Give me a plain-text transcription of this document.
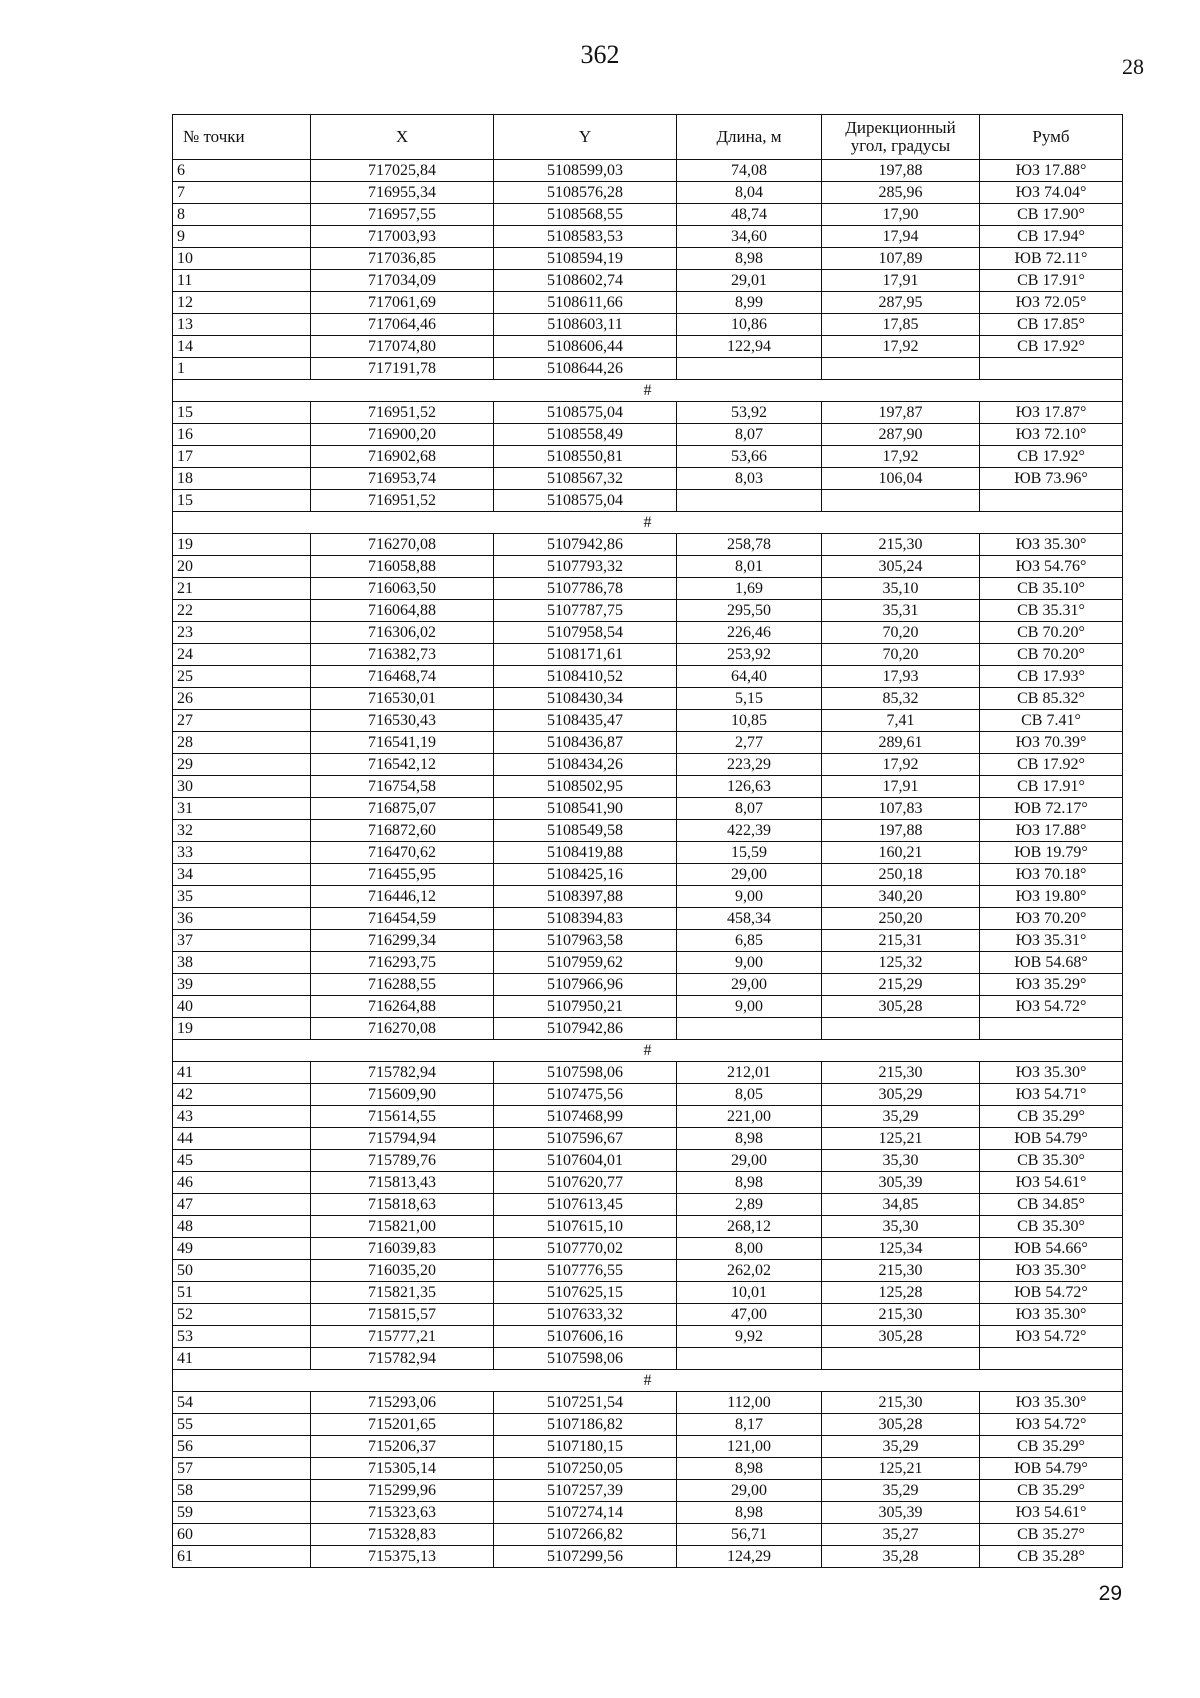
362	28
№ точки	X	Y	Длина, м	Дирекционный угол, градусы	Румб
6	717025,84	5108599,03	74,08	197,88	ЮЗ 17.88°
7	716955,34	5108576,28	8,04	285,96	ЮЗ 74.04°
8	716957,55	5108568,55	48,74	17,90	СВ 17.90°
9	717003,93	5108583,53	34,60	17,94	СВ 17.94°
10	717036,85	5108594,19	8,98	107,89	ЮВ 72.11°
11	717034,09	5108602,74	29,01	17,91	СВ 17.91°
12	717061,69	5108611,66	8,99	287,95	ЮЗ 72.05°
13	717064,46	5108603,11	10,86	17,85	СВ 17.85°
14	717074,80	5108606,44	122,94	17,92	СВ 17.92°
1	717191,78	5108644,26			
#					
15	716951,52	5108575,04	53,92	197,87	ЮЗ 17.87°
16	716900,20	5108558,49	8,07	287,90	ЮЗ 72.10°
17	716902,68	5108550,81	53,66	17,92	СВ 17.92°
18	716953,74	5108567,32	8,03	106,04	ЮВ 73.96°
15	716951,52	5108575,04			
#					
19	716270,08	5107942,86	258,78	215,30	ЮЗ 35.30°
20	716058,88	5107793,32	8,01	305,24	ЮЗ 54.76°
21	716063,50	5107786,78	1,69	35,10	СВ 35.10°
22	716064,88	5107787,75	295,50	35,31	СВ 35.31°
23	716306,02	5107958,54	226,46	70,20	СВ 70.20°
24	716382,73	5108171,61	253,92	70,20	СВ 70.20°
25	716468,74	5108410,52	64,40	17,93	СВ 17.93°
26	716530,01	5108430,34	5,15	85,32	СВ 85.32°
27	716530,43	5108435,47	10,85	7,41	СВ 7.41°
28	716541,19	5108436,87	2,77	289,61	ЮЗ 70.39°
29	716542,12	5108434,26	223,29	17,92	СВ 17.92°
30	716754,58	5108502,95	126,63	17,91	СВ 17.91°
31	716875,07	5108541,90	8,07	107,83	ЮВ 72.17°
32	716872,60	5108549,58	422,39	197,88	ЮЗ 17.88°
33	716470,62	5108419,88	15,59	160,21	ЮВ 19.79°
34	716455,95	5108425,16	29,00	250,18	ЮЗ 70.18°
35	716446,12	5108397,88	9,00	340,20	ЮЗ 19.80°
36	716454,59	5108394,83	458,34	250,20	ЮЗ 70.20°
37	716299,34	5107963,58	6,85	215,31	ЮЗ 35.31°
38	716293,75	5107959,62	9,00	125,32	ЮВ 54.68°
39	716288,55	5107966,96	29,00	215,29	ЮЗ 35.29°
40	716264,88	5107950,21	9,00	305,28	ЮЗ 54.72°
19	716270,08	5107942,86			
#					
41	715782,94	5107598,06	212,01	215,30	ЮЗ 35.30°
42	715609,90	5107475,56	8,05	305,29	ЮЗ 54.71°
43	715614,55	5107468,99	221,00	35,29	СВ 35.29°
44	715794,94	5107596,67	8,98	125,21	ЮВ 54.79°
45	715789,76	5107604,01	29,00	35,30	СВ 35.30°
46	715813,43	5107620,77	8,98	305,39	ЮЗ 54.61°
47	715818,63	5107613,45	2,89	34,85	СВ 34.85°
48	715821,00	5107615,10	268,12	35,30	СВ 35.30°
49	716039,83	5107770,02	8,00	125,34	ЮВ 54.66°
50	716035,20	5107776,55	262,02	215,30	ЮЗ 35.30°
51	715821,35	5107625,15	10,01	125,28	ЮВ 54.72°
52	715815,57	5107633,32	47,00	215,30	ЮЗ 35.30°
53	715777,21	5107606,16	9,92	305,28	ЮЗ 54.72°
41	715782,94	5107598,06			
#					
54	715293,06	5107251,54	112,00	215,30	ЮЗ 35.30°
55	715201,65	5107186,82	8,17	305,28	ЮЗ 54.72°
56	715206,37	5107180,15	121,00	35,29	СВ 35.29°
57	715305,14	5107250,05	8,98	125,21	ЮВ 54.79°
58	715299,96	5107257,39	29,00	35,29	СВ 35.29°
59	715323,63	5107274,14	8,98	305,39	ЮЗ 54.61°
60	715328,83	5107266,82	56,71	35,27	СВ 35.27°
61	715375,13	5107299,56	124,29	35,28	СВ 35.28°
29
